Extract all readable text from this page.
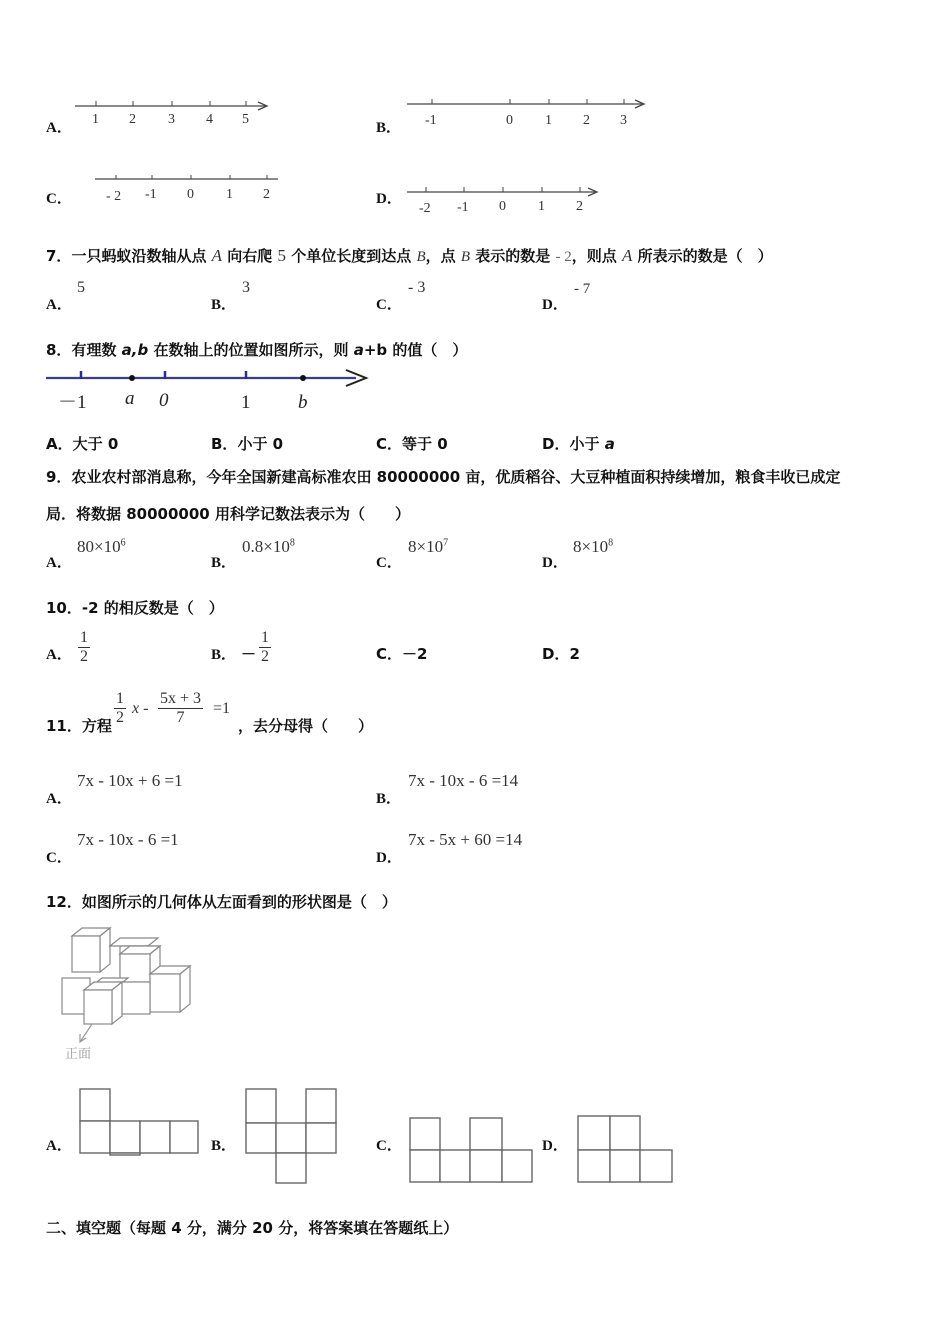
A．
1 2 3 4 5
B． -1	0 1 2 3
C． - 2 -1 0 1 2	D．
-2 -1 0 1 2
7．一只蚂蚁沿数轴从点 A 向右爬 5 个单位长度到达点 B，点 B 表示的数是 - 2，则点 A 所表示的数是（　）
A．
5
B．
3
C．
- 3
D．
- 7
8．有理数 a,b 在数轴上的位置如图所示，则 a+b 的值（　）
－1 a 0	1	b
A．大于 0	B．小于 0	C．等于 0	D．小于 a
9．农业农村部消息称，今年全国新建高标准农田 80000000 亩，优质稻谷、大豆种植面积持续增加，粮食丰收已成定
局．将数据 80000000 用科学记数法表示为（　　）
A．
$80\times 10^6$
B．
$0.8\times 10^8$
C．
$8\times 10^7$
D．
$8\times 10^8$
10．-2 的相反数是（　）
A． $\frac{1}{2}$	B． － $\frac{1}{2}$	C．－2	D．2
11．方程 $\frac{1}{2}$ $x - \frac{5x + 3}{7} =1$
，去分母得（　　）
A．
7x - 10x + 6 =1
B．
7x - 10x - 6 =14
C．
7x - 10x - 6 =1
D．
7x - 5x + 60 =14
12．如图所示的几何体从左面看到的形状图是（　）
正面
A．	B．	C．	D．
二、填空题（每题 4 分，满分 20 分，将答案填在答题纸上）
